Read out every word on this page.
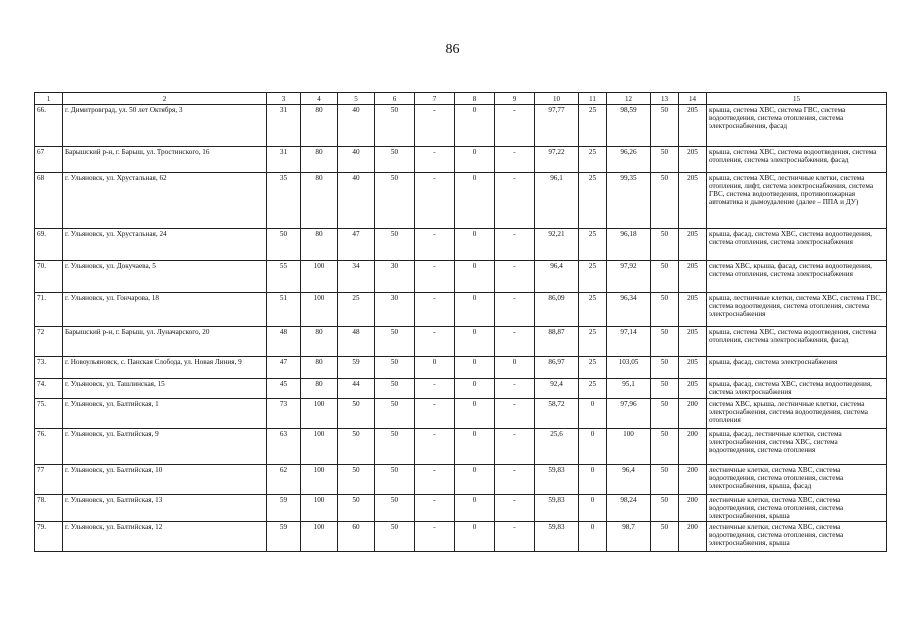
86
1	2	3	4	5	6	7	8	9	10	11	12	13	14	15
66.	г. Димитровград, ул. 50 лет Октября, 3	31	80	40	50	-	0	-	97,77	25	98,59	50	205	крыша, система ХВС, система ГВС, система водоотведения, система отопления, система электроснабжения, фасад
67	Барышский р-н, г. Барыш, ул. Тростинского, 16	31	80	40	50	-	0	-	97,22	25	96,26	50	205	крыша, система ХВС, система водоотведения, система отопления, система электроснабжения, фасад
68	г. Ульяновск, ул. Хрустальная, 62	35	80	40	50	-	0	-	96,1	25	99,35	50	205	крыша, система ХВС, лестничные клетки, система отопления, лифт, система электроснабжения, система ГВС, система водоотведения, противопожарная автоматика и дымоудаление (далее – ППА и ДУ)
69.	г. Ульяновск, ул. Хрустальная, 24	50	80	47	50	-	0	-	92,21	25	96,18	50	205	крыша, фасад, система ХВС, система водоотведения, система отопления, система электроснабжения
70.	г. Ульяновск, ул. Докучаева, 5	55	100	34	30	-	0	-	96,4	25	97,92	50	205	система ХВС, крыша, фасад, система водоотведения, система отопления, система электроснабжения
71.	г. Ульяновск, ул. Гончарова, 18	51	100	25	30	-	0	-	86,09	25	96,34	50	205	крыша, лестничные клетки, система ХВС, система ГВС, система водоотведения, система отопления, система электроснабжения
72	Барышский р-н, г. Барыш, ул. Луначарского, 20	48	80	48	50	-	0	-	88,87	25	97,14	50	205	крыша, система ХВС, система водоотведения, система отопления, система электроснабжения, фасад
73.	г. Новоульяновск, с. Панская Слобода, ул. Новая Линия, 9	47	80	59	50	0	0	0	86,97	25	103,05	50	205	крыша, фасад, система электроснабжения
74.	г. Ульяновск, ул. Ташлинская, 15	45	80	44	50	-	0	-	92,4	25	95,1	50	205	крыша, фасад, система ХВС, система водоотведения, система электроснабжения
75.	г. Ульяновск, ул. Балтийская, 1	73	100	50	50	-	0	-	58,72	0	97,96	50	200	система ХВС, крыша, лестничные клетки, система электроснабжения, система водоотведения, система отопления
76.	г. Ульяновск, ул. Балтийская, 9	63	100	50	50	-	0	-	25,6	0	100	50	200	крыша, фасад, лестничные клетки, система электроснабжения, система ХВС, система водоотведения, система отопления
77	г. Ульяновск, ул. Балтийская, 10	62	100	50	50	-	0	-	59,83	0	96,4	50	200	лестничные клетки, система ХВС, система водоотведения, система отопления, система электроснабжения, крыша, фасад
78.	г. Ульяновск, ул. Балтийская, 13	59	100	50	50	-	0	-	59,83	0	98,24	50	200	лестничные клетки, система ХВС, система водоотведения, система отопления, система электроснабжения, крыша
79.	г. Ульяновск, ул. Балтийская, 12	59	100	60	50	-	0	-	59,83	0	98,7	50	200	лестничные клетки, система ХВС, система водоотведения, система отопления, система электроснабжения, крыша
